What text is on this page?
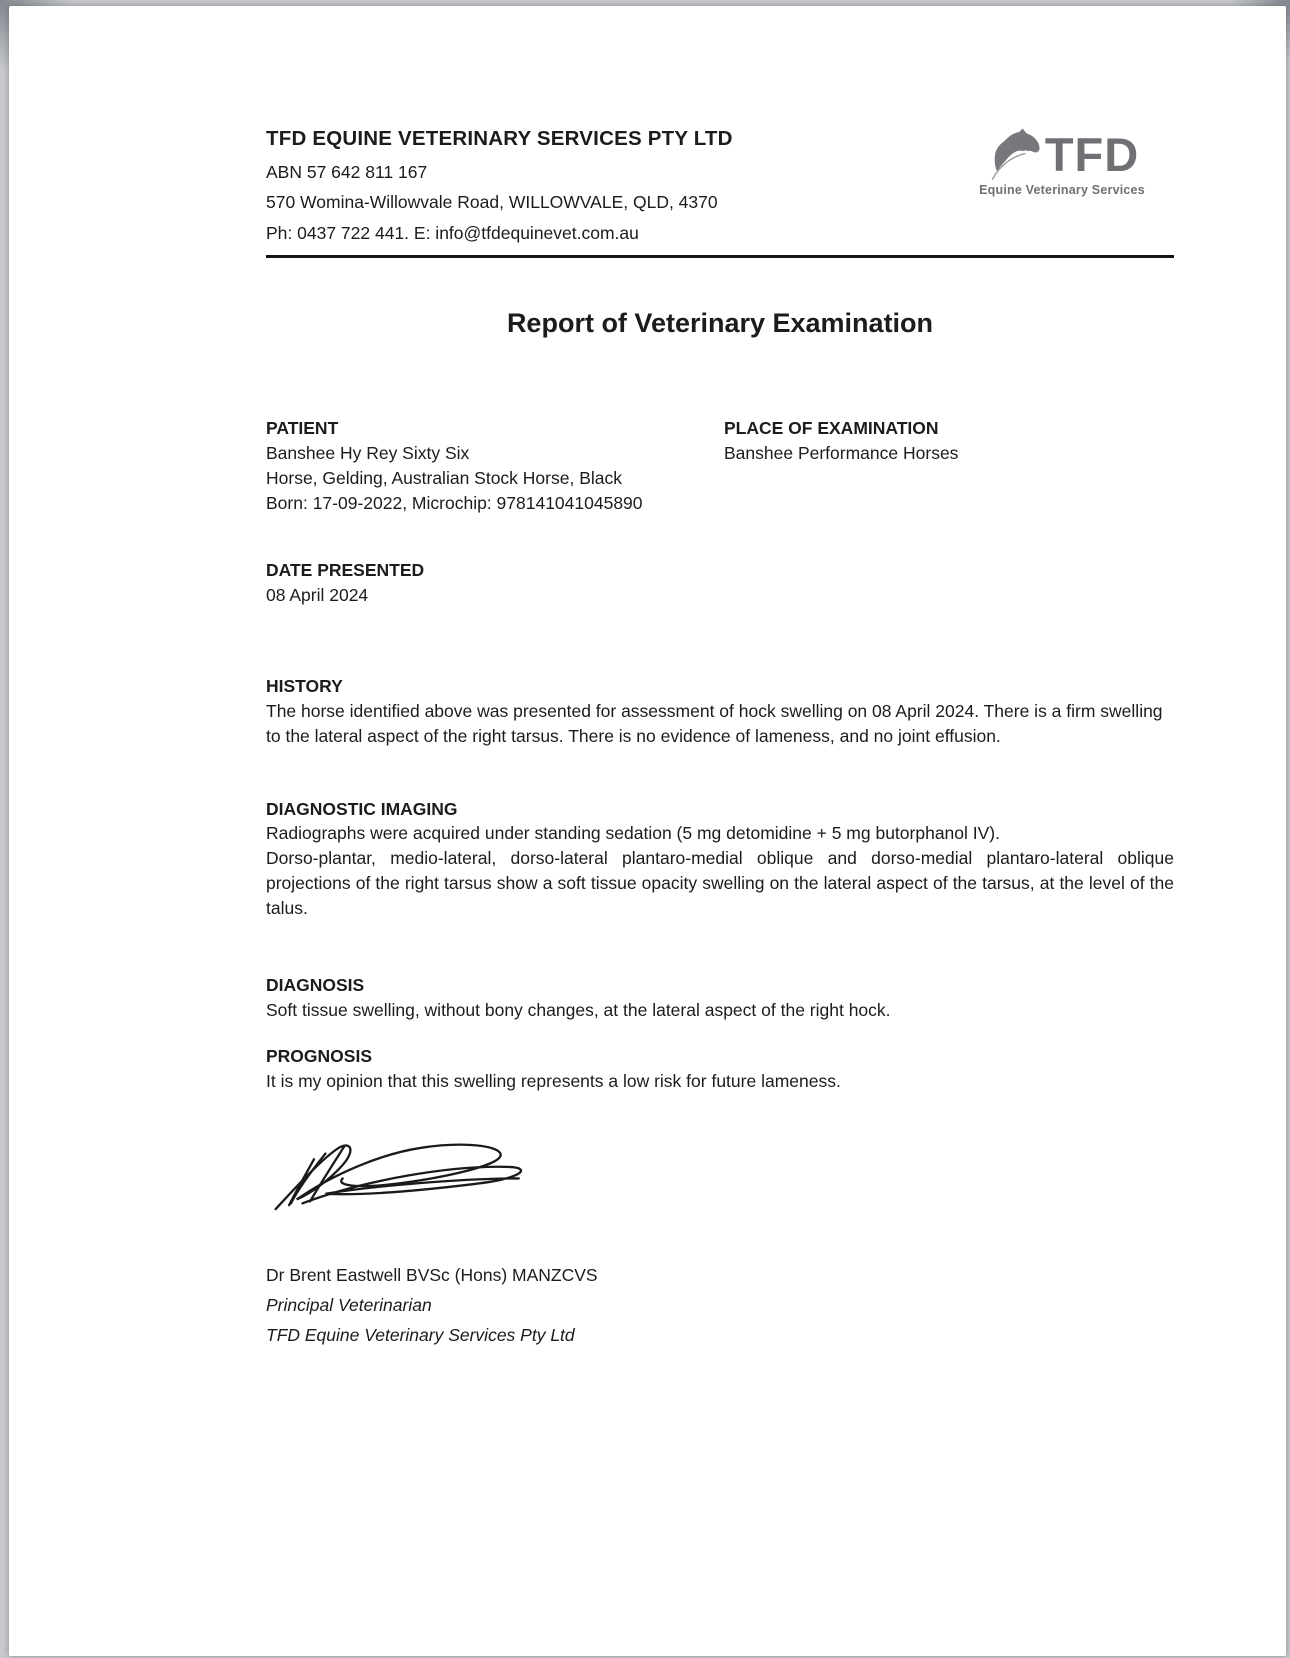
TFD EQUINE VETERINARY SERVICES PTY LTD
ABN 57 642 811 167
570 Womina-Willowvale Road, WILLOWVALE, QLD, 4370
Ph: 0437 722 441. E: info@tfdequinevet.com.au
TFD
Equine Veterinary Services
Report of Veterinary Examination
PATIENT
Banshee Hy Rey Sixty Six
Horse, Gelding, Australian Stock Horse, Black
Born: 17-09-2022, Microchip: 978141041045890
PLACE OF EXAMINATION
Banshee Performance Horses
DATE PRESENTED
08 April 2024
HISTORY
The horse identified above was presented for assessment of hock swelling on 08 April 2024. There is a firm swelling to the lateral aspect of the right tarsus. There is no evidence of lameness, and no joint effusion.
DIAGNOSTIC IMAGING
Radiographs were acquired under standing sedation (5 mg detomidine + 5 mg butorphanol IV).
Dorso-plantar, medio-lateral, dorso-lateral plantaro-medial oblique and dorso-medial plantaro-lateral oblique projections of the right tarsus show a soft tissue opacity swelling on the lateral aspect of the tarsus, at the level of the talus.
DIAGNOSIS
Soft tissue swelling, without bony changes, at the lateral aspect of the right hock.
PROGNOSIS
It is my opinion that this swelling represents a low risk for future lameness.
Dr Brent Eastwell BVSc (Hons) MANZCVS
Principal Veterinarian
TFD Equine Veterinary Services Pty Ltd
